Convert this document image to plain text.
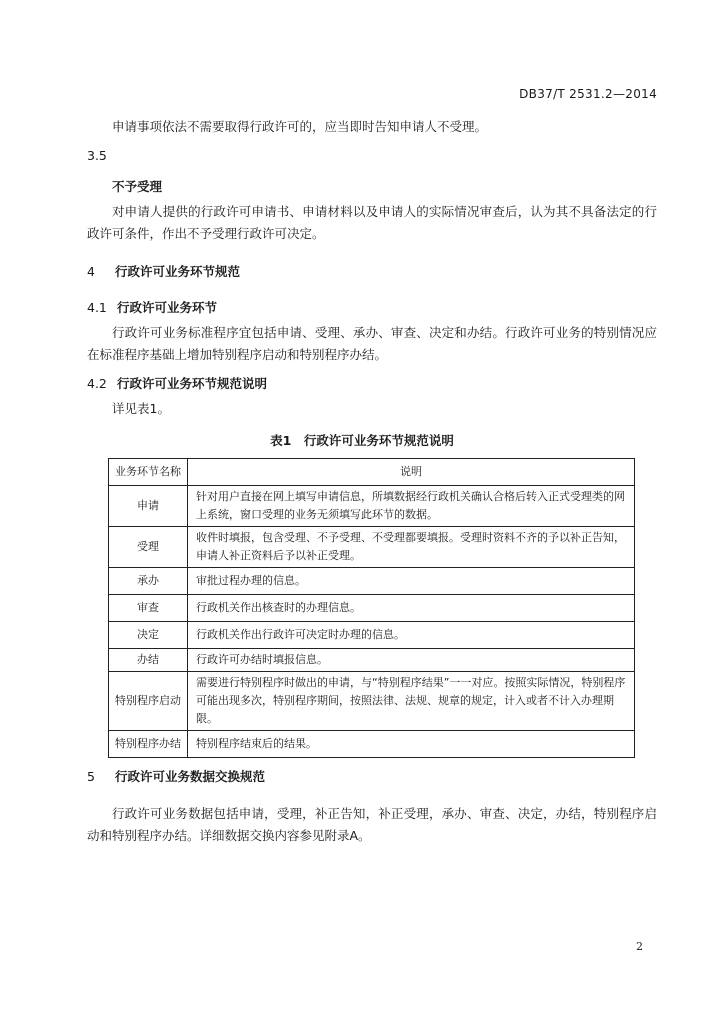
DB37/T 2531.2—2014
申请事项依法不需要取得行政许可的，应当即时告知申请人不受理。
3.5
不予受理
对申请人提供的行政许可申请书、申请材料以及申请人的实际情况审查后，认为其不具备法定的行政许可条件，作出不予受理行政许可决定。
4 行政许可业务环节规范
4.1 行政许可业务环节
行政许可业务标准程序宜包括申请、受理、承办、审查、决定和办结。行政许可业务的特别情况应在标准程序基础上增加特别程序启动和特别程序办结。
4.2 行政许可业务环节规范说明
详见表1。
表1　行政许可业务环节规范说明
业务环节名称	说明
申请	针对用户直接在网上填写申请信息，所填数据经行政机关确认合格后转入正式受理类的网上系统，窗口受理的业务无须填写此环节的数据。
受理	收件时填报，包含受理、不予受理、不受理都要填报。受理时资料不齐的予以补正告知，申请人补正资料后予以补正受理。
承办	审批过程办理的信息。
审查	行政机关作出核查时的办理信息。
决定	行政机关作出行政许可决定时办理的信息。
办结	行政许可办结时填报信息。
特别程序启动	需要进行特别程序时做出的申请，与“特别程序结果”一一对应。按照实际情况，特别程序可能出现多次，特别程序期间，按照法律、法规、规章的规定，计入或者不计入办理期限。
特别程序办结	特别程序结束后的结果。
5 行政许可业务数据交换规范
行政许可业务数据包括申请，受理，补正告知，补正受理，承办、审查、决定，办结，特别程序启动和特别程序办结。详细数据交换内容参见附录A。
2
